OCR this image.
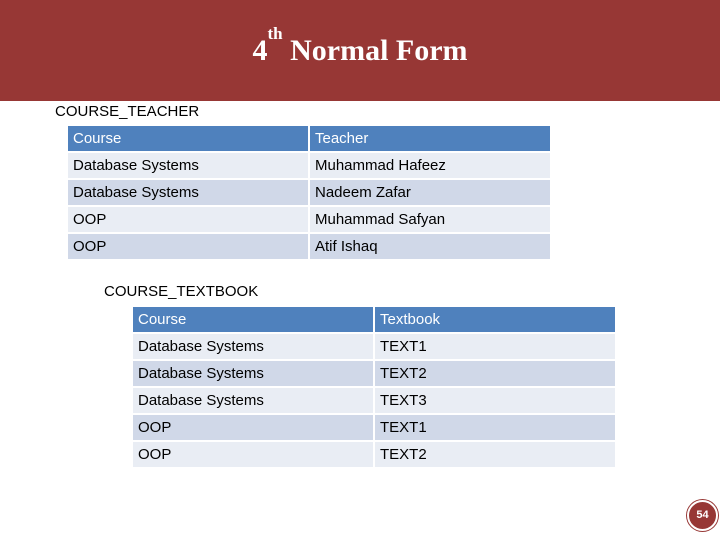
4th Normal Form
COURSE_TEACHER
Course	Teacher
Database Systems	Muhammad Hafeez
Database Systems	Nadeem Zafar
OOP	Muhammad Safyan
OOP	Atif Ishaq
COURSE_TEXTBOOK
Course	Textbook
Database Systems	TEXT1
Database Systems	TEXT2
Database Systems	TEXT3
OOP	TEXT1
OOP	TEXT2
54
